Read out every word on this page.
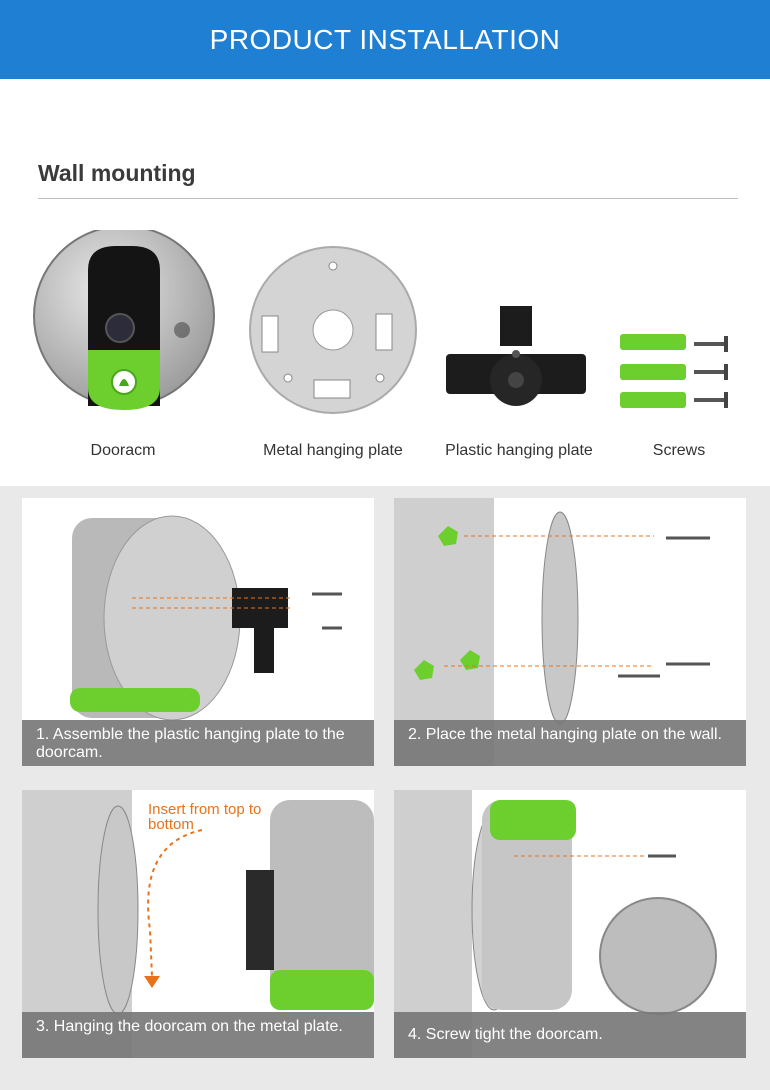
PRODUCT INSTALLATION
Wall mounting
Dooracm	Metal hanging plate	Plastic hanging plate	Screws
1. Assemble the plastic hanging plate to the doorcam.
2. Place the metal hanging plate on the wall.
3. Hanging the doorcam on the metal plate.
Insert from top to bottom
4. Screw tight the doorcam.
